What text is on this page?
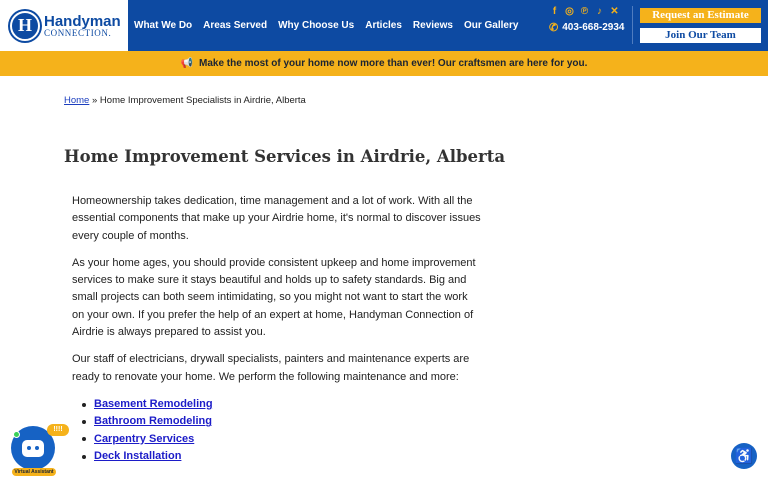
H Handyman
CONNECTION.
What We Do Areas Served Why Choose Us Articles Reviews Our Gallery
f ◎ ℗ ♪ ✕
✆ 403-668-2934
Request an Estimate
Join Our Team
📢 Make the most of your home now more than ever! Our craftsmen are here for you.
Home » Home Improvement Specialists in Airdrie, Alberta
Home Improvement Services in Airdrie, Alberta

Homeownership takes dedication, time management and a lot of work. With all the essential components that make up your Airdrie home, it's normal to discover issues every couple of months.

As your home ages, you should provide consistent upkeep and home improvement services to make sure it stays beautiful and holds up to safety standards. Big and small projects can both seem intimidating, so you might not want to start the work on your own. If you prefer the help of an expert at home, Handyman Connection of Airdrie is always prepared to assist you.

Our staff of electricians, drywall specialists, painters and maintenance experts are ready to renovate your home. We perform the following maintenance and more:

Basement Remodeling
Bathroom Remodeling
Carpentry Services
Deck Installation
!!!!
Virtual Assistant
♿
